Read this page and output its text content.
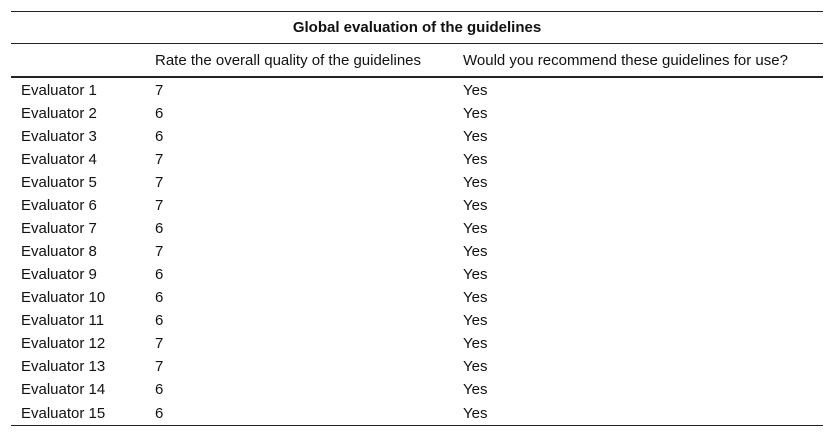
Global evaluation of the guidelines		
	Rate the overall quality of the guidelines	Would you recommend these guidelines for use?
Evaluator 1	7	Yes
Evaluator 2	6	Yes
Evaluator 3	6	Yes
Evaluator 4	7	Yes
Evaluator 5	7	Yes
Evaluator 6	7	Yes
Evaluator 7	6	Yes
Evaluator 8	7	Yes
Evaluator 9	6	Yes
Evaluator 10	6	Yes
Evaluator 11	6	Yes
Evaluator 12	7	Yes
Evaluator 13	7	Yes
Evaluator 14	6	Yes
Evaluator 15	6	Yes
